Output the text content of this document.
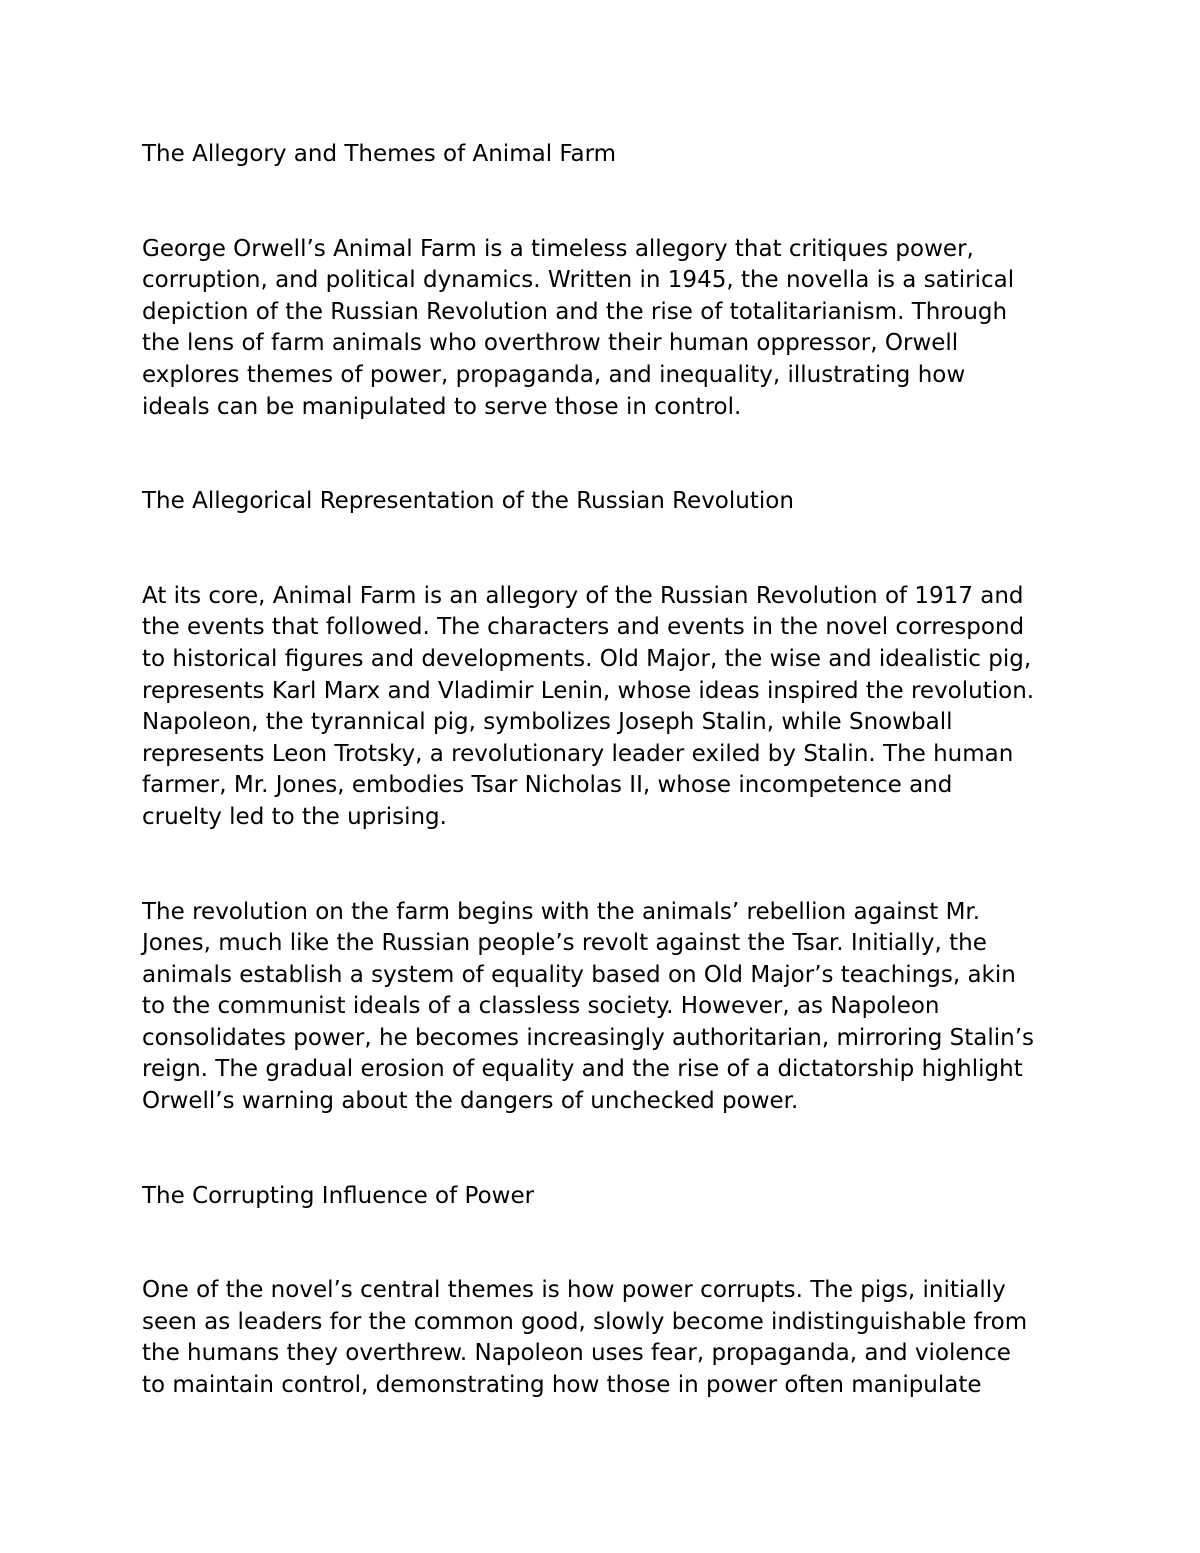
The Allegory and Themes of Animal Farm

George Orwell’s Animal Farm is a timeless allegory that critiques power,

corruption, and political dynamics. Written in 1945, the novella is a satirical

depiction of the Russian Revolution and the rise of totalitarianism. Through

the lens of farm animals who overthrow their human oppressor, Orwell

explores themes of power, propaganda, and inequality, illustrating how

ideals can be manipulated to serve those in control.

The Allegorical Representation of the Russian Revolution

At its core, Animal Farm is an allegory of the Russian Revolution of 1917 and

the events that followed. The characters and events in the novel correspond

to historical figures and developments. Old Major, the wise and idealistic pig,

represents Karl Marx and Vladimir Lenin, whose ideas inspired the revolution.

Napoleon, the tyrannical pig, symbolizes Joseph Stalin, while Snowball

represents Leon Trotsky, a revolutionary leader exiled by Stalin. The human

farmer, Mr. Jones, embodies Tsar Nicholas II, whose incompetence and

cruelty led to the uprising.

The revolution on the farm begins with the animals’ rebellion against Mr.

Jones, much like the Russian people’s revolt against the Tsar. Initially, the

animals establish a system of equality based on Old Major’s teachings, akin

to the communist ideals of a classless society. However, as Napoleon

consolidates power, he becomes increasingly authoritarian, mirroring Stalin’s

reign. The gradual erosion of equality and the rise of a dictatorship highlight

Orwell’s warning about the dangers of unchecked power.

The Corrupting Influence of Power

One of the novel’s central themes is how power corrupts. The pigs, initially

seen as leaders for the common good, slowly become indistinguishable from

the humans they overthrew. Napoleon uses fear, propaganda, and violence

to maintain control, demonstrating how those in power often manipulate
